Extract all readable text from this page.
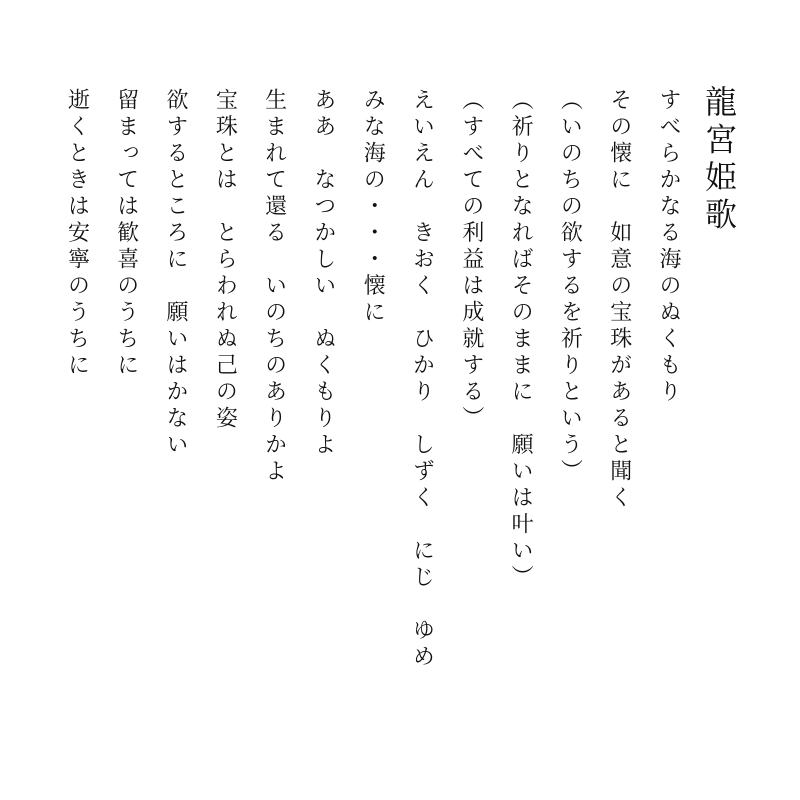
龍宮姫歌

すべらかなる海のぬくもり

その懐に　如意の宝珠があると聞く

（いのちの欲するを祈りという）

（祈りとなればそのままに　願いは叶い）

（すべての利益は成就する）

えいえん　きおく　ひかり　しずく　にじ　ゆめ

みな海の・・・懐に

ああ　なつかしい　ぬくもりよ

生まれて還る　いのちのありかよ

宝珠とは　とらわれぬ己の姿

欲するところに　願いはかない

留まっては歓喜のうちに

逝くときは安寧のうちに
